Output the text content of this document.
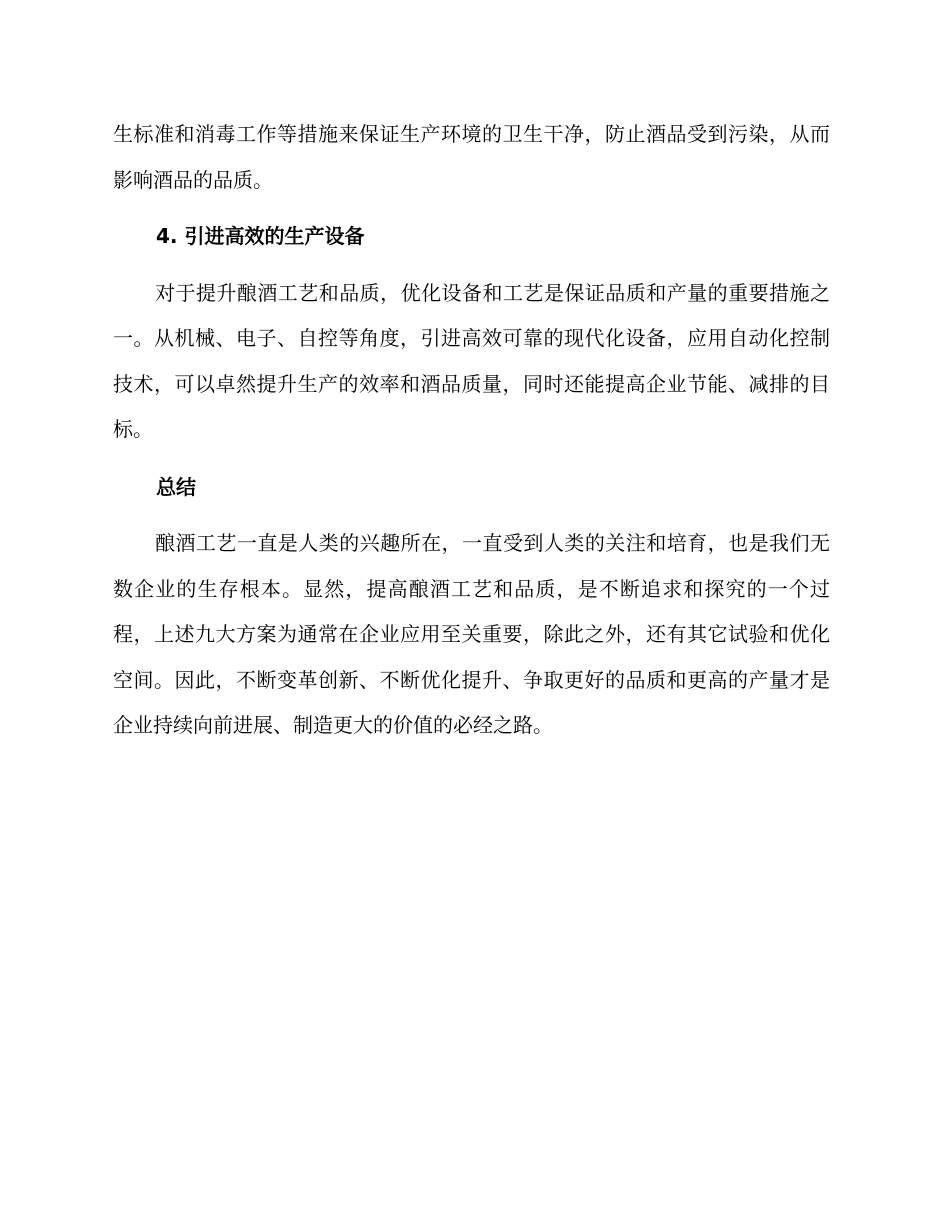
生标准和消毒工作等措施来保证生产环境的卫生干净，防止酒品受到污染，从而影响酒品的品质。

4. 引进高效的生产设备

对于提升酿酒工艺和品质，优化设备和工艺是保证品质和产量的重要措施之一。从机械、电子、自控等角度，引进高效可靠的现代化设备，应用自动化控制技术，可以卓然提升生产的效率和酒品质量，同时还能提高企业节能、减排的目标。

总结

酿酒工艺一直是人类的兴趣所在，一直受到人类的关注和培育，也是我们无数企业的生存根本。显然，提高酿酒工艺和品质，是不断追求和探究的一个过程，上述九大方案为通常在企业应用至关重要，除此之外，还有其它试验和优化空间。因此，不断变革创新、不断优化提升、争取更好的品质和更高的产量才是企业持续向前进展、制造更大的价值的必经之路。
